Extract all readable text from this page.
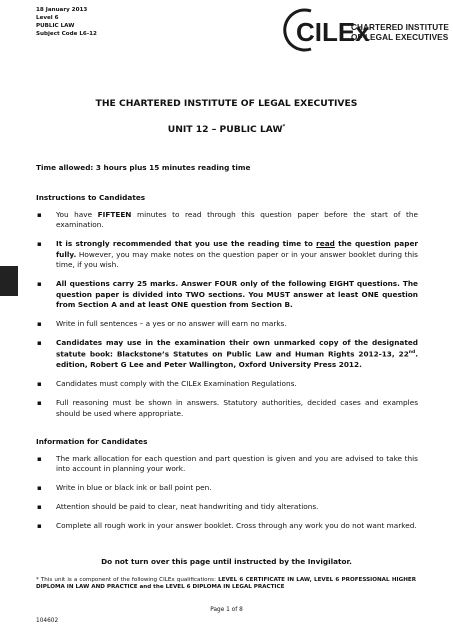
18 January 2013
Level 6
PUBLIC LAW
Subject Code L6-12	CILEx
CHARTERED INSTITUTE
OF LEGAL EXECUTIVES
THE CHARTERED INSTITUTE OF LEGAL EXECUTIVES
UNIT 12 – PUBLIC LAW*
Time allowed: 3 hours plus 15 minutes reading time
Instructions to Candidates
▪ You have FIFTEEN minutes to read through this question paper before the start of the examination.
▪ It is strongly recommended that you use the reading time to read the question paper fully. However, you may make notes on the question paper or in your answer booklet during this time, if you wish.
▪ All questions carry 25 marks. Answer FOUR only of the following EIGHT questions. The question paper is divided into TWO sections. You MUST answer at least ONE question from Section A and at least ONE question from Section B.
▪ Write in full sentences – a yes or no answer will earn no marks.
▪ Candidates may use in the examination their own unmarked copy of the designated statute book: Blackstone’s Statutes on Public Law and Human Rights 2012-13, 22nd. edition, Robert G Lee and Peter Wallington, Oxford University Press 2012.
▪ Candidates must comply with the CILEx Examination Regulations.
▪ Full reasoning must be shown in answers. Statutory authorities, decided cases and examples should be used where appropriate.
Information for Candidates
▪ The mark allocation for each question and part question is given and you are advised to take this into account in planning your work.
▪ Write in blue or black ink or ball point pen.
▪ Attention should be paid to clear, neat handwriting and tidy alterations.
▪ Complete all rough work in your answer booklet. Cross through any work you do not want marked.
Do not turn over this page until instructed by the Invigilator.
* This unit is a component of the following CILEx qualifications: LEVEL 6 CERTIFICATE IN LAW, LEVEL 6 PROFESSIONAL HIGHER DIPLOMA IN LAW AND PRACTICE and the LEVEL 6 DIPLOMA IN LEGAL PRACTICE
Page 1 of 8
104602
